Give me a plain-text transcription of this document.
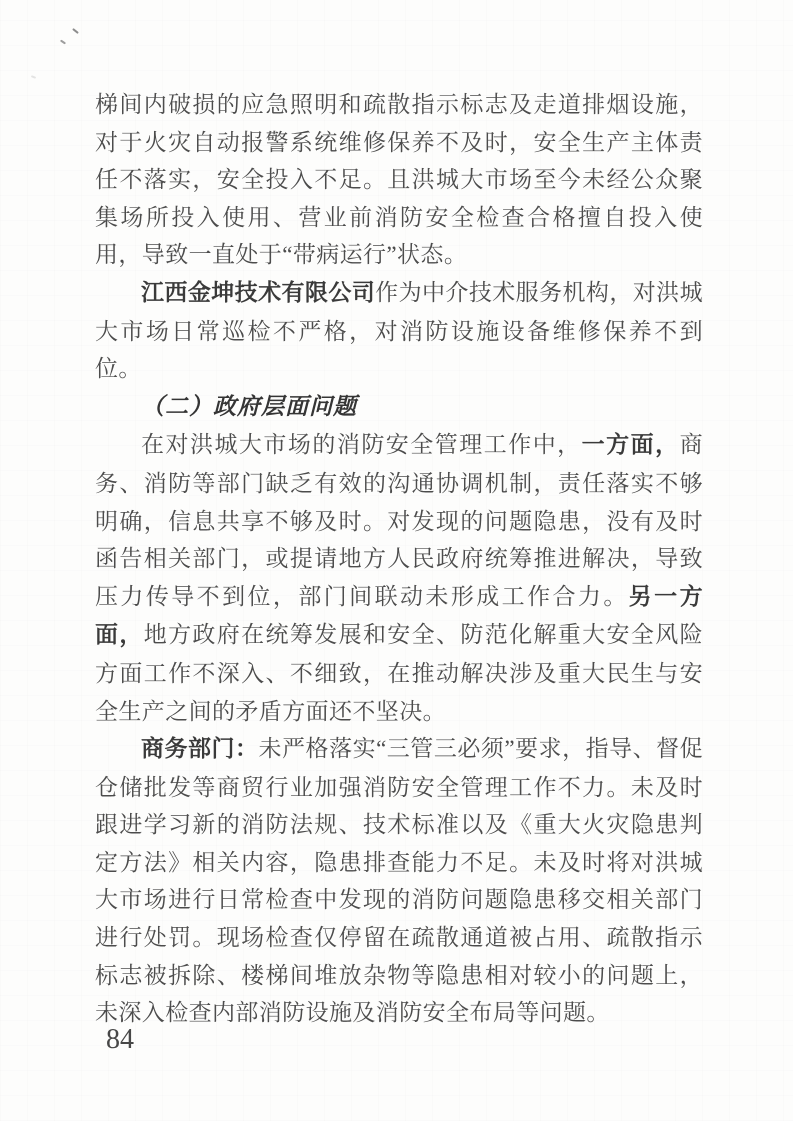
梯间内破损的应急照明和疏散指示标志及走道排烟设施，对于火灾自动报警系统维修保养不及时，安全生产主体责任不落实，安全投入不足。且洪城大市场至今未经公众聚集场所投入使用、营业前消防安全检查合格擅自投入使用，导致一直处于“带病运行”状态。

江西金坤技术有限公司作为中介技术服务机构，对洪城大市场日常巡检不严格，对消防设施设备维修保养不到位。

（二）政府层面问题

在对洪城大市场的消防安全管理工作中，一方面，商务、消防等部门缺乏有效的沟通协调机制，责任落实不够明确，信息共享不够及时。对发现的问题隐患，没有及时函告相关部门，或提请地方人民政府统筹推进解决，导致压力传导不到位，部门间联动未形成工作合力。另一方面，地方政府在统筹发展和安全、防范化解重大安全风险方面工作不深入、不细致，在推动解决涉及重大民生与安全生产之间的矛盾方面还不坚决。

商务部门：未严格落实“三管三必须”要求，指导、督促仓储批发等商贸行业加强消防安全管理工作不力。未及时跟进学习新的消防法规、技术标准以及《重大火灾隐患判定方法》相关内容，隐患排查能力不足。未及时将对洪城大市场进行日常检查中发现的消防问题隐患移交相关部门进行处罚。现场检查仅停留在疏散通道被占用、疏散指示标志被拆除、楼梯间堆放杂物等隐患相对较小的问题上，未深入检查内部消防设施及消防安全布局等问题。

84
